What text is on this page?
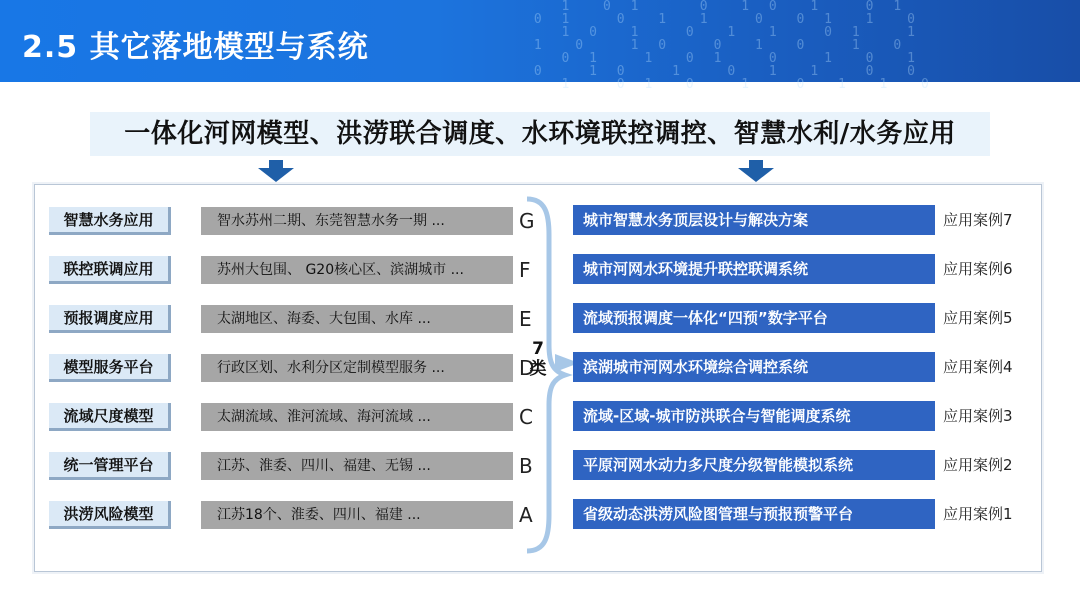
1  0 1    0  1 0  1   0 1
0 1   0  1  1   0  0 1  1  0
1 0  1   0  1  1   0 1   1
1  0   1 0   0  1  0   1  0
0 1   1  0 1   0   1  0  1
0   1 0   1   0  1  1   0  0
1   0 1  0   1   0  1  1  0
2.5 其它落地模型与系统
一体化河网模型、洪涝联合调度、水环境联控调控、智慧水利/水务应用
智慧水务应用	智水苏州二期、东莞智慧水务一期 ...	G
联控联调应用	苏州大包围、 G20核心区、滨湖城市 ...	F
预报调度应用	太湖地区、海委、大包围、水库 ...	E
模型服务平台	行政区划、水利分区定制模型服务 ...	D
流域尺度模型	太湖流域、淮河流域、海河流域 ...	C
统一管理平台	江苏、淮委、四川、福建、无锡 ...	B
洪涝风险模型	江苏18个、淮委、四川、福建 ...	A
7类
城市智慧水务顶层设计与解决方案	应用案例7
城市河网水环境提升联控联调系统	应用案例6
流域预报调度一体化“四预”数字平台	应用案例5
滨湖城市河网水环境综合调控系统	应用案例4
流域-区域-城市防洪联合与智能调度系统	应用案例3
平原河网水动力多尺度分级智能模拟系统	应用案例2
省级动态洪涝风险图管理与预报预警平台	应用案例1
